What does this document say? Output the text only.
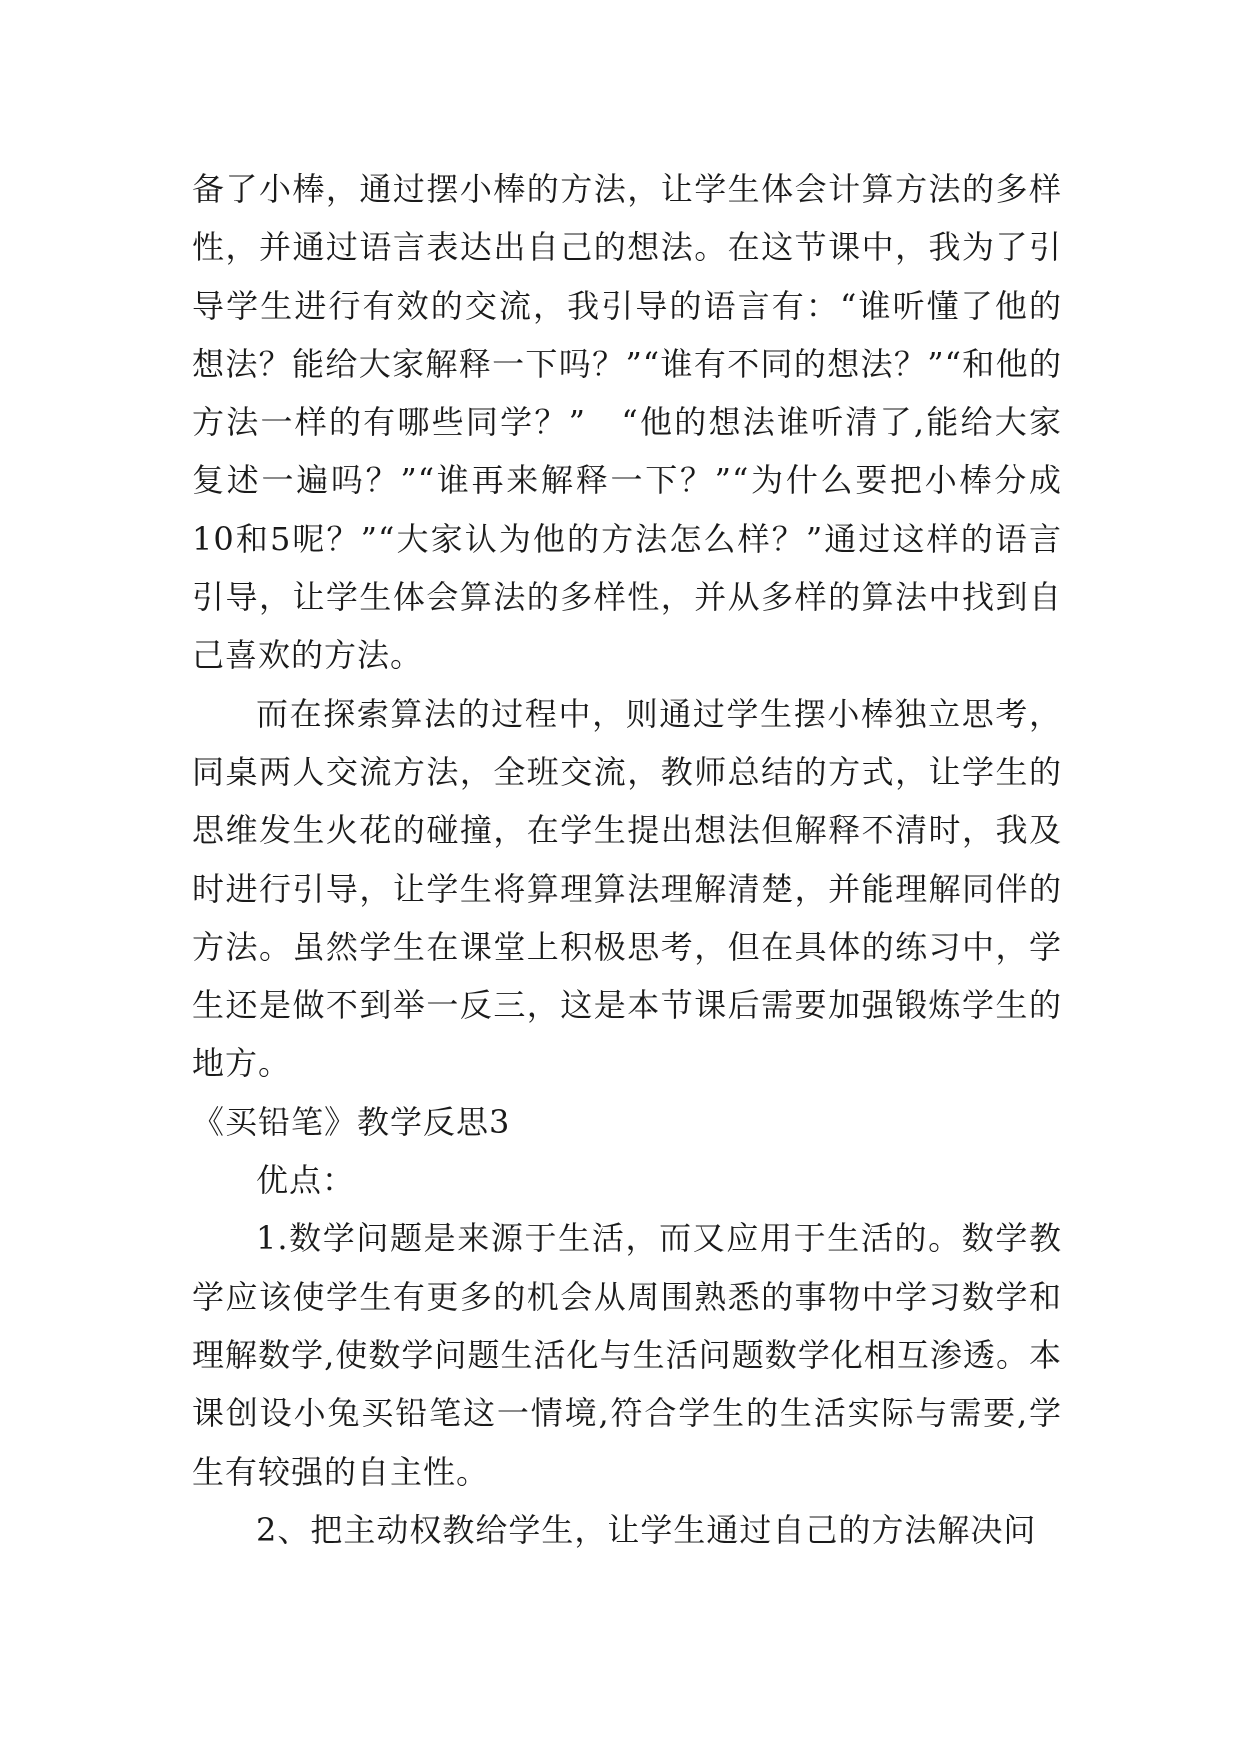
备了小棒，通过摆小棒的方法，让学生体会计算方法的多样性，并通过语言表达出自己的想法。在这节课中，我为了引导学生进行有效的交流，我引导的语言有：“谁听懂了他的想法？能给大家解释一下吗？”“谁有不同的想法？”“和他的方法一样的有哪些同学？”　“他的想法谁听清了,能给大家复述一遍吗？”“谁再来解释一下？”“为什么要把小棒分成10和5呢？”“大家认为他的方法怎么样？”通过这样的语言引导，让学生体会算法的多样性，并从多样的算法中找到自己喜欢的方法。

而在探索算法的过程中，则通过学生摆小棒独立思考，同桌两人交流方法，全班交流，教师总结的方式，让学生的思维发生火花的碰撞，在学生提出想法但解释不清时，我及时进行引导，让学生将算理算法理解清楚，并能理解同伴的方法。虽然学生在课堂上积极思考，但在具体的练习中，学生还是做不到举一反三，这是本节课后需要加强锻炼学生的地方。

《买铅笔》教学反思3

优点：

1.数学问题是来源于生活，而又应用于生活的。数学教学应该使学生有更多的机会从周围熟悉的事物中学习数学和理解数学,使数学问题生活化与生活问题数学化相互渗透。本课创设小兔买铅笔这一情境,符合学生的生活实际与需要,学生有较强的自主性。

2、把主动权教给学生，让学生通过自己的方法解决问
